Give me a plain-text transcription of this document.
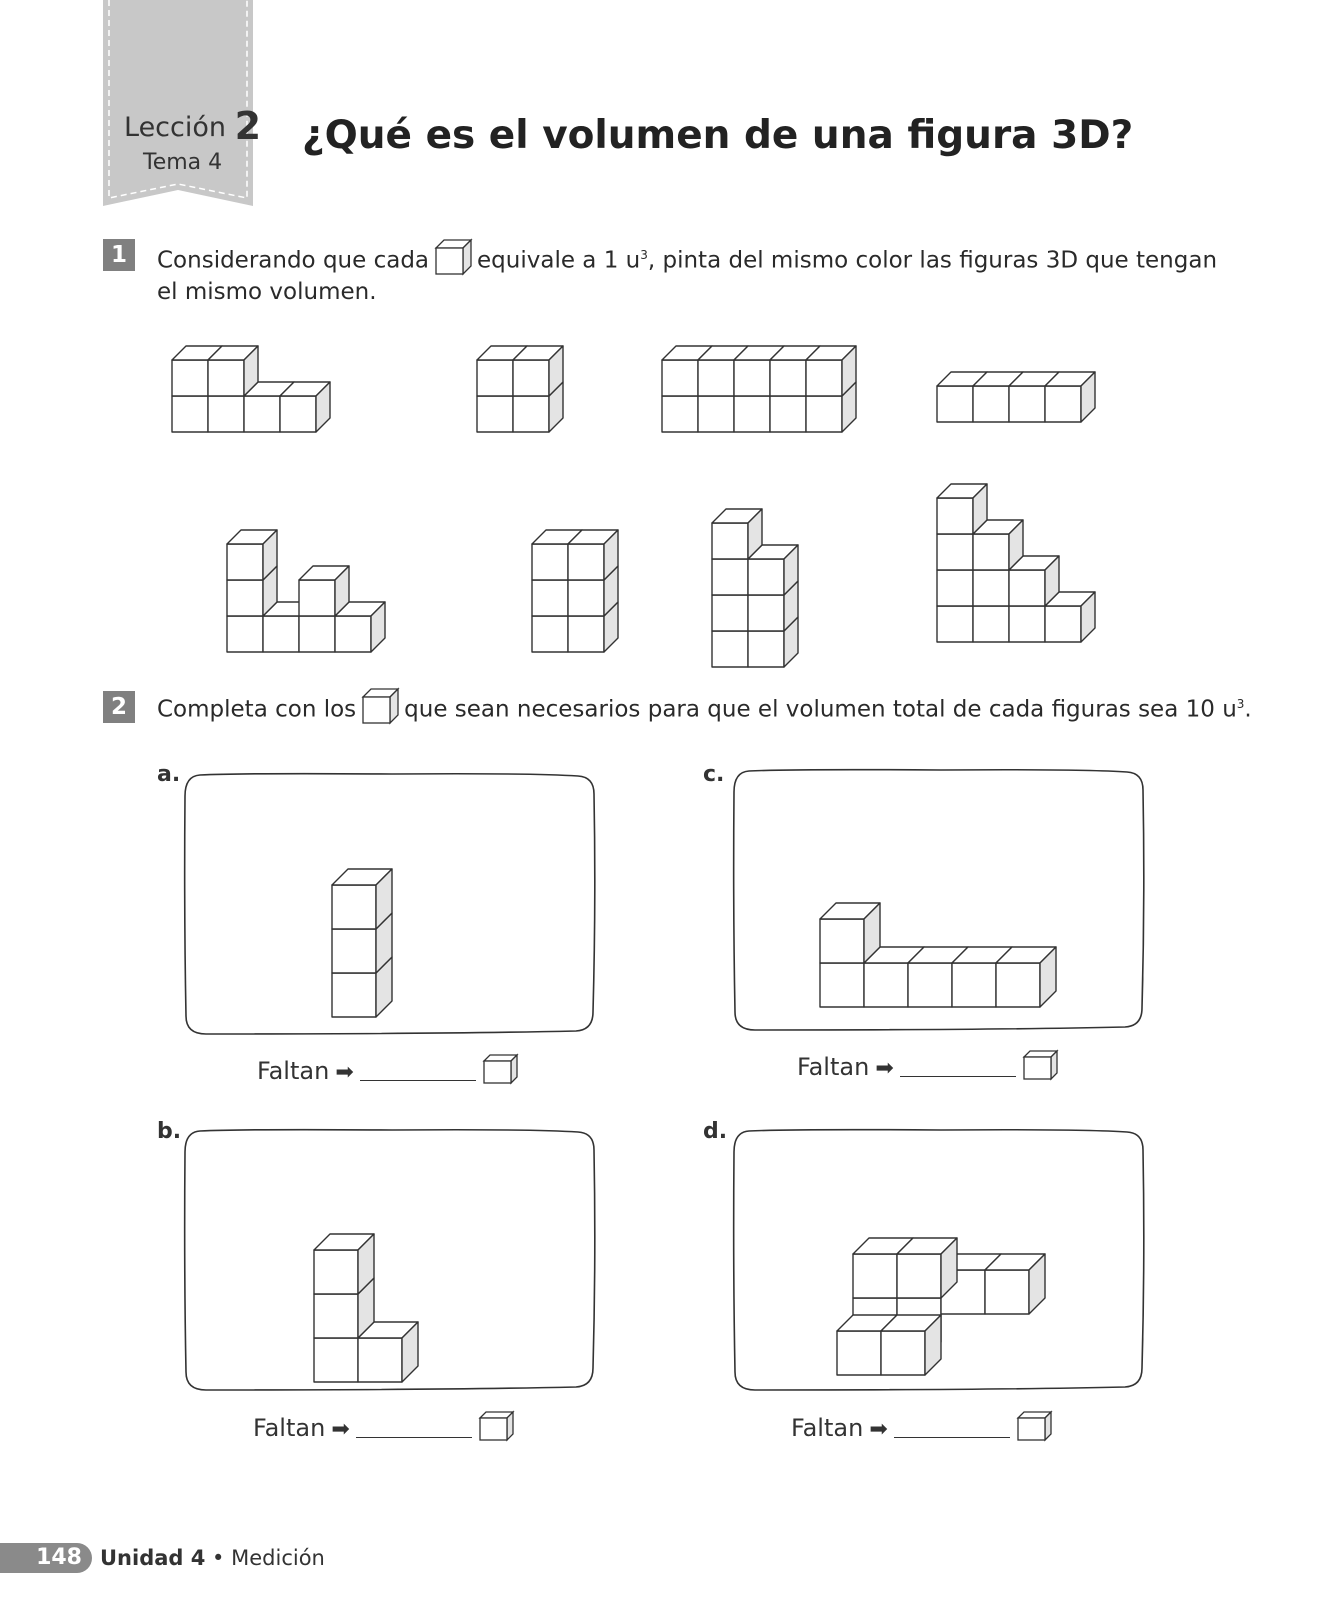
Lección 2
Tema 4
¿Qué es el volumen de una figura 3D?
1	Considerando que cada equivale a 1 $u^3$, pinta del mismo color las figuras 3D que tengan
el mismo volumen.
2	Completa con los que sean necesarios para que el volumen total de cada figuras sea 10 $u^3$.
a.
Faltan ➡
c.
Faltan ➡
b.
Faltan ➡
d.
Faltan ➡
148 Unidad 4 • Medición
